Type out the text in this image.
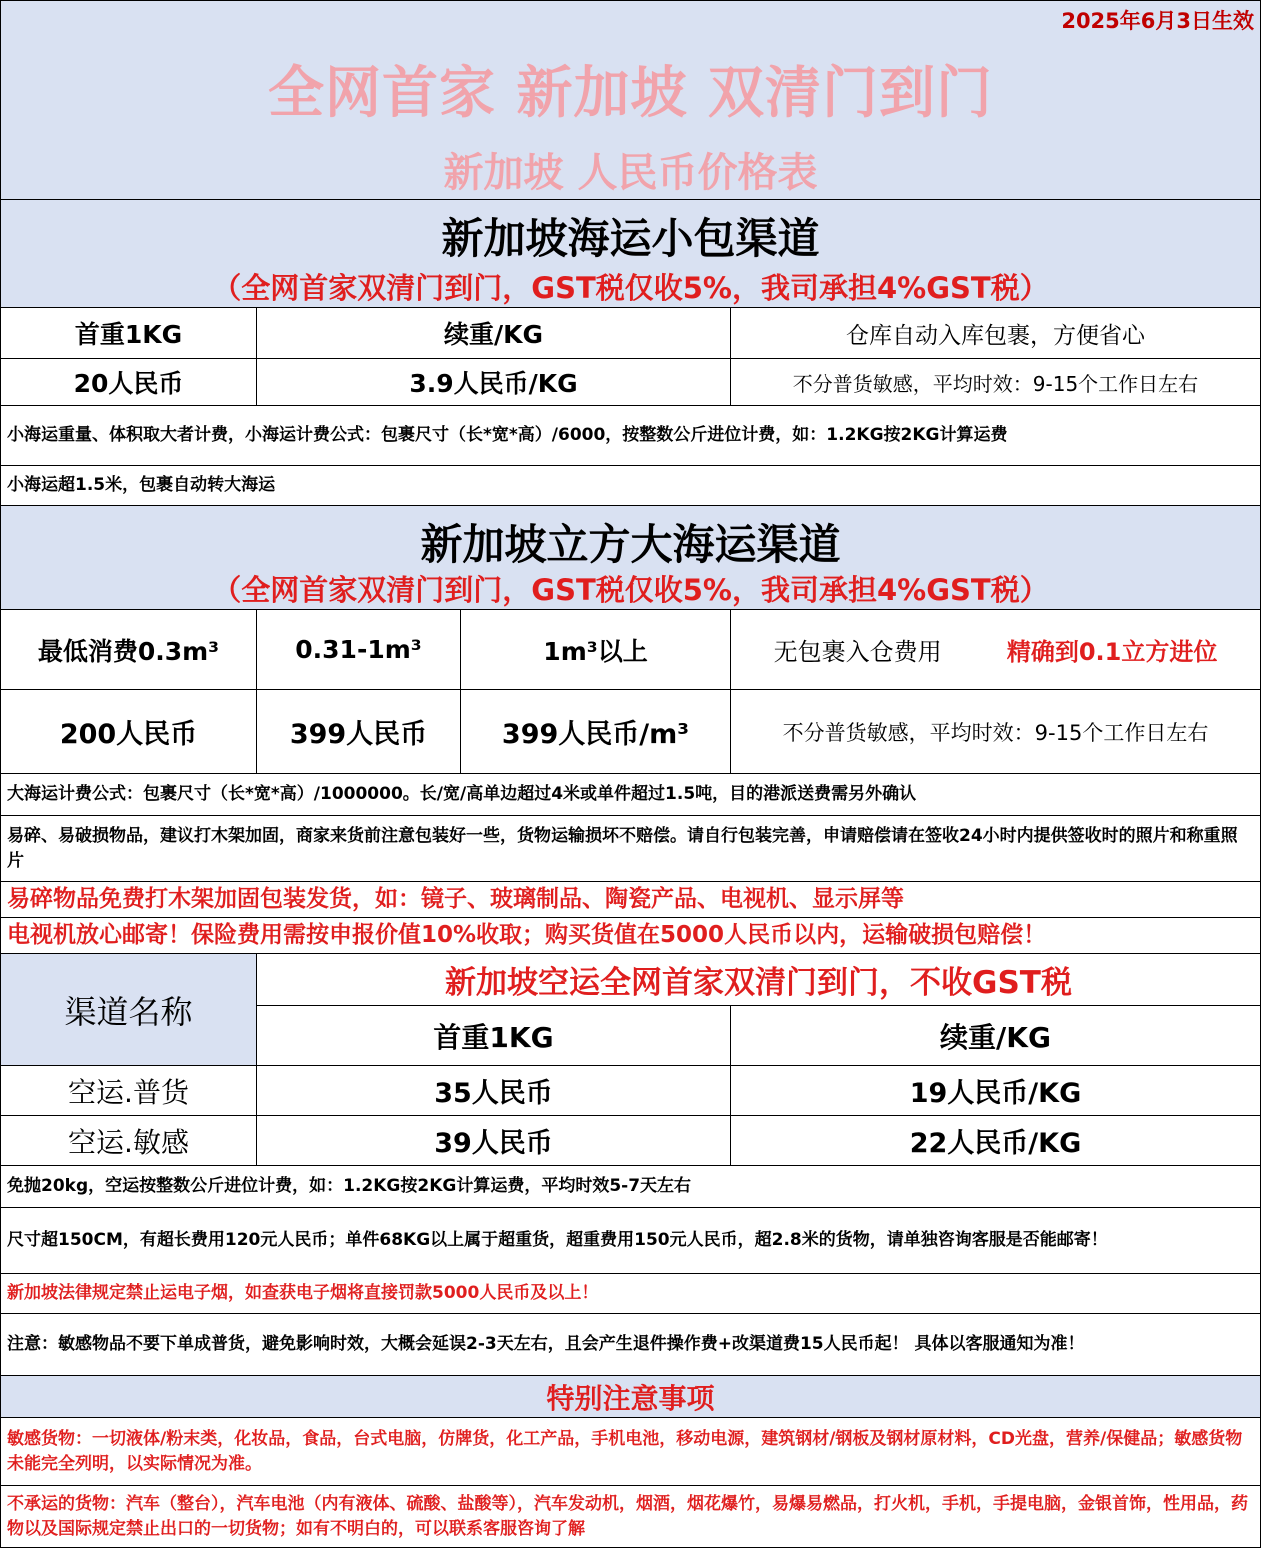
2025年6月3日生效
全网首家 新加坡 双清门到门
新加坡 人民币价格表
新加坡海运小包渠道
（全网首家双清门到门，GST税仅收5%，我司承担4%GST税）
首重1KG	续重/KG	仓库自动入库包裹，方便省心
20人民币	3.9人民币/KG	不分普货敏感，平均时效：9-15个工作日左右
小海运重量、体积取大者计费，小海运计费公式：包裹尺寸（长*宽*高）/6000，按整数公斤进位计费，如：1.2KG按2KG计算运费
小海运超1.5米，包裹自动转大海运
新加坡立方大海运渠道
（全网首家双清门到门，GST税仅收5%，我司承担4%GST税）
最低消费0.3m³	0.31-1m³	1m³以上	无包裹入仓费用	精确到0.1立方进位
200人民币	399人民币	399人民币/m³	不分普货敏感，平均时效：9-15个工作日左右
大海运计费公式：包裹尺寸（长*宽*高）/1000000。长/宽/高单边超过4米或单件超过1.5吨，目的港派送费需另外确认
易碎、易破损物品，建议打木架加固，商家来货前注意包装好一些，货物运输损坏不赔偿。请自行包装完善，申请赔偿请在签收24小时内提供签收时的照片和称重照片
易碎物品免费打木架加固包装发货，如：镜子、玻璃制品、陶瓷产品、电视机、显示屏等
电视机放心邮寄！保险费用需按申报价值10%收取；购买货值在5000人民币以内，运输破损包赔偿！
渠道名称
新加坡空运全网首家双清门到门，不收GST税
首重1KG	续重/KG
空运.普货	35人民币	19人民币/KG
空运.敏感	39人民币	22人民币/KG
免抛20kg，空运按整数公斤进位计费，如：1.2KG按2KG计算运费，平均时效5-7天左右
尺寸超150CM，有超长费用120元人民币；单件68KG以上属于超重货，超重费用150元人民币，超2.8米的货物，请单独咨询客服是否能邮寄！
新加坡法律规定禁止运电子烟，如查获电子烟将直接罚款5000人民币及以上！
注意：敏感物品不要下单成普货，避免影响时效，大概会延误2-3天左右，且会产生退件操作费+改渠道费15人民币起！ 具体以客服通知为准！
特别注意事项
敏感货物：一切液体/粉末类，化妆品，食品，台式电脑，仿牌货，化工产品，手机电池，移动电源，建筑钢材/钢板及钢材原材料，CD光盘，营养/保健品；敏感货物未能完全列明，以实际情况为准。
不承运的货物：汽车（整台），汽车电池（内有液体、硫酸、盐酸等），汽车发动机，烟酒，烟花爆竹，易爆易燃品，打火机，手机，手提电脑，金银首饰，性用品，药物以及国际规定禁止出口的一切货物；如有不明白的，可以联系客服咨询了解
